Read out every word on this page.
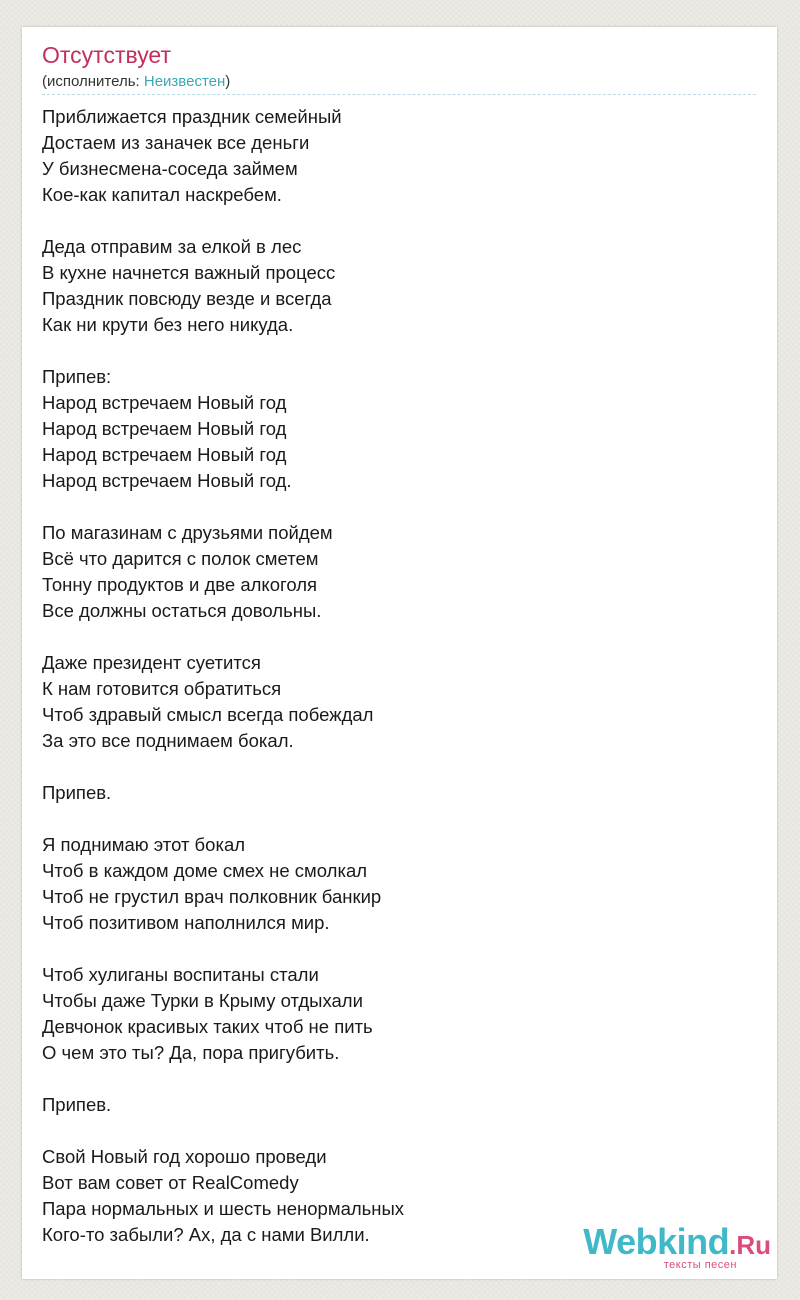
Отсутствует
(исполнитель: Неизвестен)
Приближается праздник семейный
Достаем из заначек все деньги
У бизнесмена-соседа займем
Кое-как капитал наскребем.
Деда отправим за елкой в лес
В кухне начнется важный процесс
Праздник повсюду везде и всегда
Как ни крути без него никуда.
Припев:
Народ встречаем Новый год
Народ встречаем Новый год
Народ встречаем Новый год
Народ встречаем Новый год.
По магазинам с друзьями пойдем
Всё что дарится с полок сметем
Тонну продуктов и две алкоголя
Все должны остаться довольны.
Даже президент суетится
К нам готовится обратиться
Чтоб здравый смысл всегда побеждал
За это все поднимаем бокал.
Припев.
Я поднимаю этот бокал
Чтоб в каждом доме смех не смолкал
Чтоб не грустил врач полковник банкир
Чтоб позитивом наполнился мир.
Чтоб хулиганы воспитаны стали
Чтобы даже Турки в Крыму отдыхали
Девчонок красивых таких чтоб не пить
О чем это ты? Да, пора пригубить.
Припев.
Свой Новый год хорошо проведи
Вот вам совет от RealComedy
Пара нормальных и шесть ненормальных
Кого-то забыли? Ах, да с нами Вилли.	Webkind.Ru
тексты песен
